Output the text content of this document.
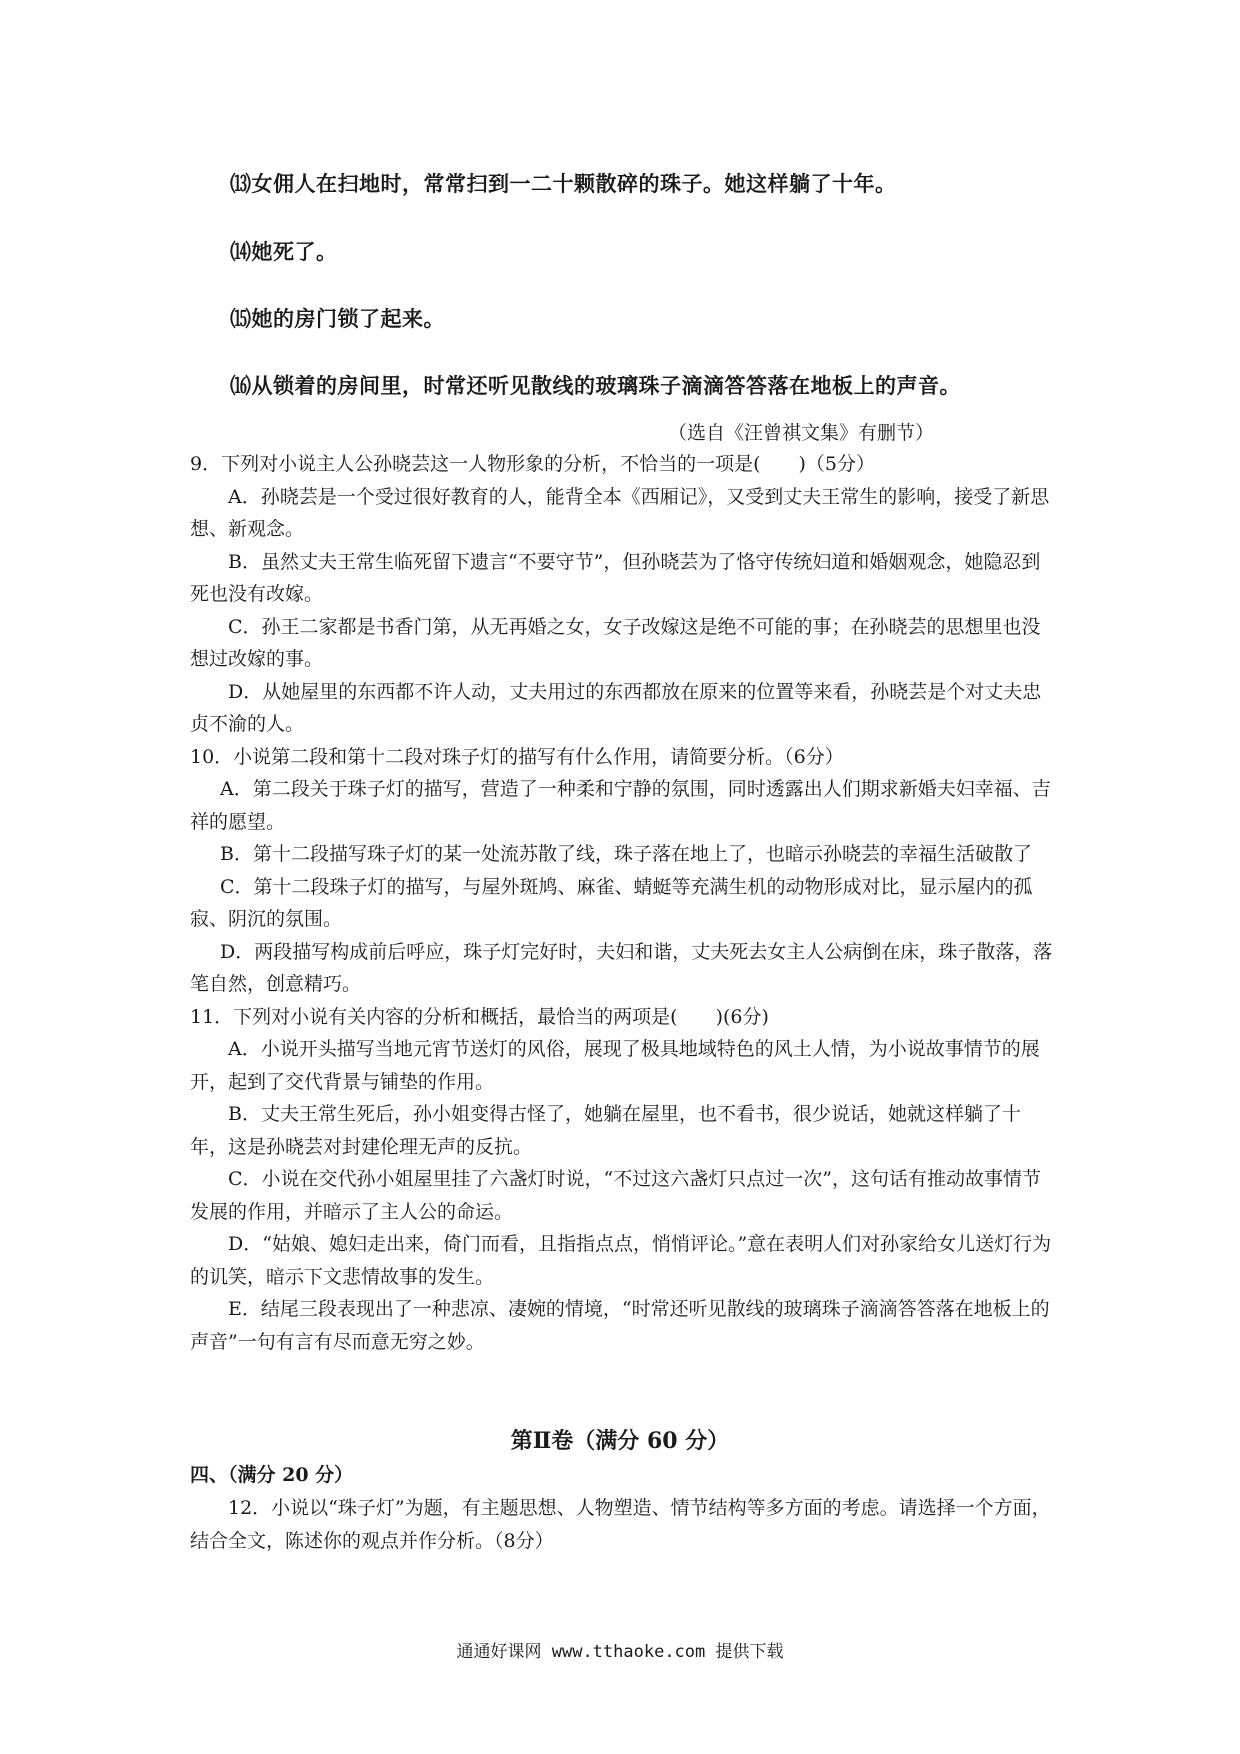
⒀女佣人在扫地时，常常扫到一二十颗散碎的珠子。她这样躺了十年。
⒁她死了。
⒂她的房门锁了起来。
⒃从锁着的房间里，时常还听见散线的玻璃珠子滴滴答答落在地板上的声音。
（选自《汪曾祺文集》有删节）

9．下列对小说主人公孙晓芸这一人物形象的分析，不恰当的一项是(　　)（5分）

A．孙晓芸是一个受过很好教育的人，能背全本《西厢记》，又受到丈夫王常生的影响，接受了新思想、新观念。

B．虽然丈夫王常生临死留下遗言“不要守节”，但孙晓芸为了恪守传统妇道和婚姻观念，她隐忍到死也没有改嫁。

C．孙王二家都是书香门第，从无再婚之女，女子改嫁这是绝不可能的事；在孙晓芸的思想里也没想过改嫁的事。

D．从她屋里的东西都不许人动，丈夫用过的东西都放在原来的位置等来看，孙晓芸是个对丈夫忠贞不渝的人。

10．小说第二段和第十二段对珠子灯的描写有什么作用，请简要分析。（6分）

A．第二段关于珠子灯的描写，营造了一种柔和宁静的氛围，同时透露出人们期求新婚夫妇幸福、吉祥的愿望。

B．第十二段描写珠子灯的某一处流苏散了线，珠子落在地上了，也暗示孙晓芸的幸福生活破散了

C．第十二段珠子灯的描写，与屋外斑鸠、麻雀、蜻蜓等充满生机的动物形成对比，显示屋内的孤寂、阴沉的氛围。

D．两段描写构成前后呼应，珠子灯完好时，夫妇和谐，丈夫死去女主人公病倒在床，珠子散落，落笔自然，创意精巧。

11．下列对小说有关内容的分析和概括，最恰当的两项是(　　)(6分)

A．小说开头描写当地元宵节送灯的风俗，展现了极具地域特色的风土人情，为小说故事情节的展开，起到了交代背景与铺垫的作用。

B．丈夫王常生死后，孙小姐变得古怪了，她躺在屋里，也不看书，很少说话，她就这样躺了十年，这是孙晓芸对封建伦理无声的反抗。

C．小说在交代孙小姐屋里挂了六盏灯时说，“不过这六盏灯只点过一次”，这句话有推动故事情节发展的作用，并暗示了主人公的命运。

D．“姑娘、媳妇走出来，倚门而看，且指指点点，悄悄评论。”意在表明人们对孙家给女儿送灯行为的讥笑，暗示下文悲情故事的发生。

E．结尾三段表现出了一种悲凉、凄婉的情境，“时常还听见散线的玻璃珠子滴滴答答落在地板上的声音”一句有言有尽而意无穷之妙。

第Ⅱ卷（满分 60 分）
四、（满分 20 分）

12．小说以“珠子灯”为题，有主题思想、人物塑造、情节结构等多方面的考虑。请选择一个方面，结合全文，陈述你的观点并作分析。（8分）

通通好课网 www.tthaoke.com 提供下载
